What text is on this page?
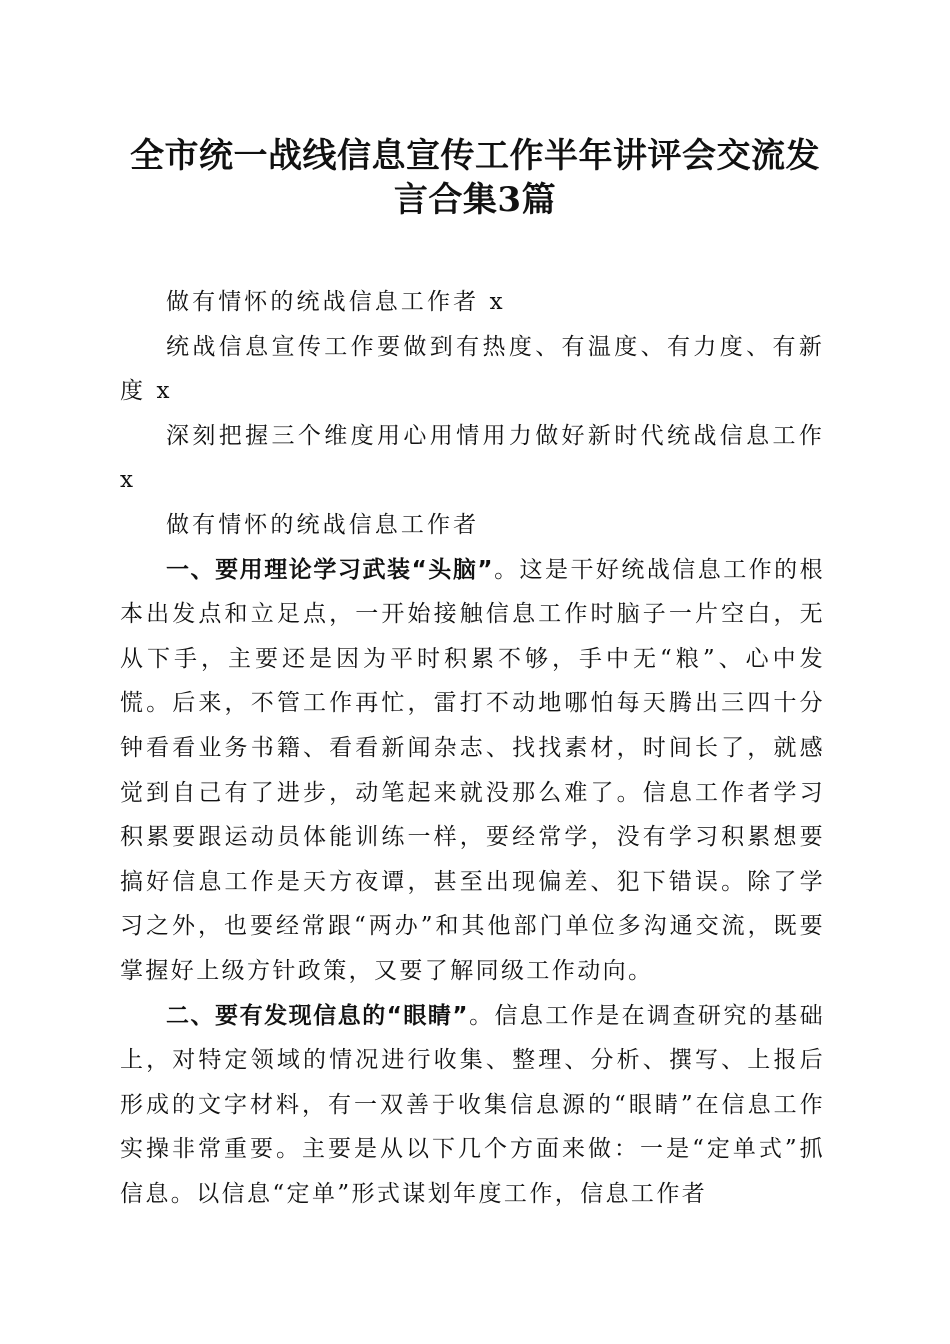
全市统一战线信息宣传工作半年讲评会交流发
言合集3篇

做有情怀的统战信息工作者 x

统战信息宣传工作要做到有热度、有温度、有力度、有新度 x

深刻把握三个维度用心用情用力做好新时代统战信息工作 x

做有情怀的统战信息工作者

一、要用理论学习武装“头脑”。这是干好统战信息工作的根本出发点和立足点，一开始接触信息工作时脑子一片空白，无从下手，主要还是因为平时积累不够，手中无“粮”、心中发慌。后来，不管工作再忙，雷打不动地哪怕每天腾出三四十分钟看看业务书籍、看看新闻杂志、找找素材，时间长了，就感觉到自己有了进步，动笔起来就没那么难了。信息工作者学习积累要跟运动员体能训练一样，要经常学，没有学习积累想要搞好信息工作是天方夜谭，甚至出现偏差、犯下错误。除了学习之外，也要经常跟“两办”和其他部门单位多沟通交流，既要掌握好上级方针政策，又要了解同级工作动向。

二、要有发现信息的“眼睛”。信息工作是在调查研究的基础上，对特定领域的情况进行收集、整理、分析、撰写、上报后形成的文字材料，有一双善于收集信息源的“眼睛”在信息工作实操非常重要。主要是从以下几个方面来做：一是“定单式”抓信息。以信息“定单”形式谋划年度工作，信息工作者
